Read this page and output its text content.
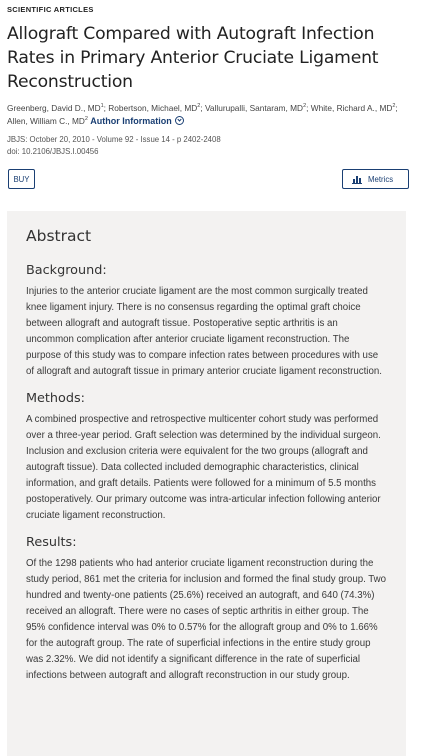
SCIENTIFIC ARTICLES
Allograft Compared with Autograft Infection Rates in Primary Anterior Cruciate Ligament Reconstruction
Greenberg, David D., $MD^1$; Robertson, Michael, $MD^2$; Vallurupalli, Santaram, $MD^2$; White, Richard A., $MD^2$;
Allen, William C., $MD^2$ Author Information
JBJS: October 20, 2010 - Volume 92 - Issue 14 - p 2402-2408
doi: 10.2106/JBJS.I.00456
BUY	Metrics
Abstract
Background:

Injuries to the anterior cruciate ligament are the most common surgically treated knee ligament injury. There is no consensus regarding the optimal graft choice between allograft and autograft tissue. Postoperative septic arthritis is an uncommon complication after anterior cruciate ligament reconstruction. The purpose of this study was to compare infection rates between procedures with use of allograft and autograft tissue in primary anterior cruciate ligament reconstruction.

Methods:

A combined prospective and retrospective multicenter cohort study was performed over a three-year period. Graft selection was determined by the individual surgeon. Inclusion and exclusion criteria were equivalent for the two groups (allograft and autograft tissue). Data collected included demographic characteristics, clinical information, and graft details. Patients were followed for a minimum of 5.5 months postoperatively. Our primary outcome was intra-articular infection following anterior cruciate ligament reconstruction.

Results:

Of the 1298 patients who had anterior cruciate ligament reconstruction during the study period, 861 met the criteria for inclusion and formed the final study group. Two hundred and twenty-one patients (25.6%) received an autograft, and 640 (74.3%) received an allograft. There were no cases of septic arthritis in either group. The 95% confidence interval was 0% to 0.57% for the allograft group and 0% to 1.66% for the autograft group. The rate of superficial infections in the entire study group was 2.32%. We did not identify a significant difference in the rate of superficial infections between autograft and allograft reconstruction in our study group.
